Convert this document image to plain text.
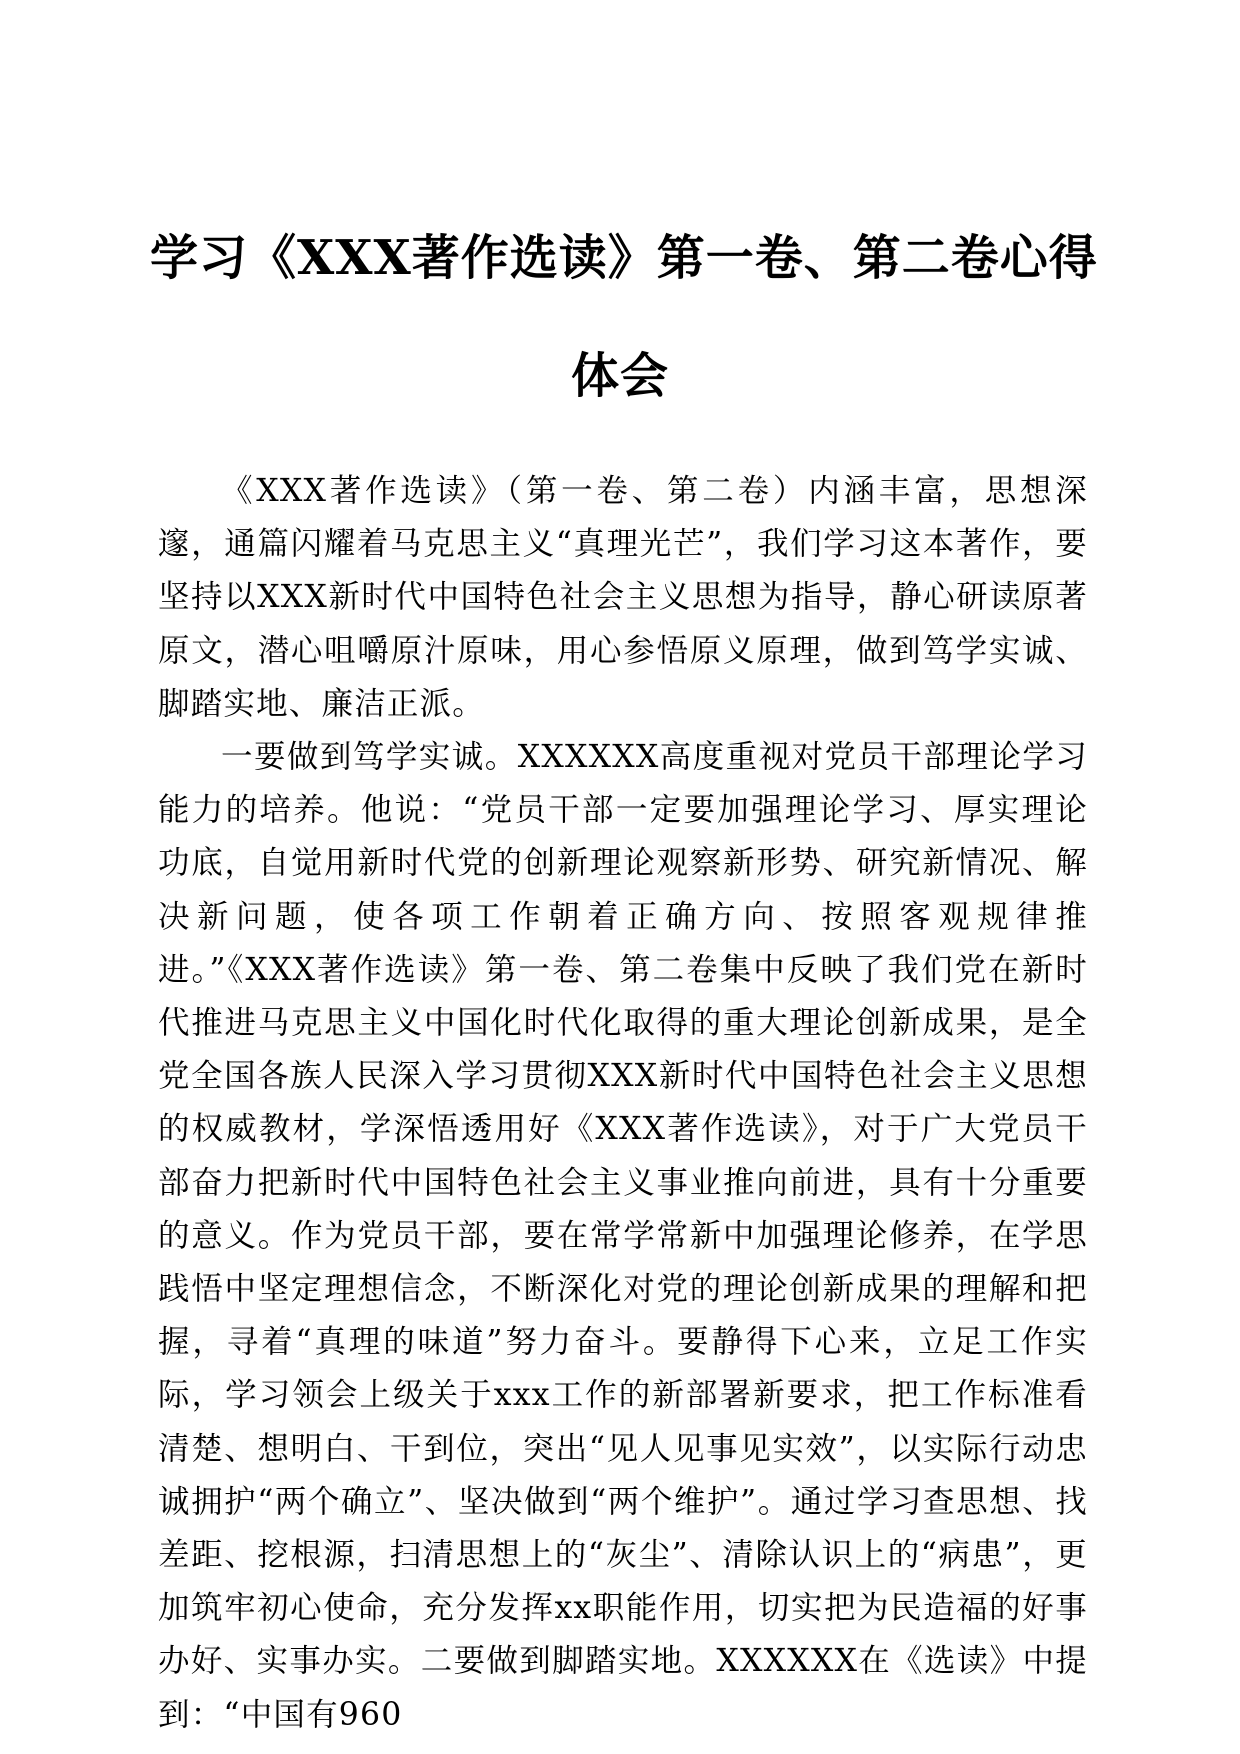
学习《XXX著作选读》第一卷、第二卷心得
体会

《XXX著作选读》（第一卷、第二卷）内涵丰富，思想深邃，通篇闪耀着马克思主义“真理光芒”，我们学习这本著作，要坚持以XXX新时代中国特色社会主义思想为指导，静心研读原著原文，潜心咀嚼原汁原味，用心参悟原义原理，做到笃学实诚、脚踏实地、廉洁正派。

一要做到笃学实诚。XXXXXX高度重视对党员干部理论学习能力的培养。他说：“党员干部一定要加强理论学习、厚实理论功底，自觉用新时代党的创新理论观察新形势、研究新情况、解决新问题，使各项工作朝着正确方向、按照客观规律推进。”《XXX著作选读》第一卷、第二卷集中反映了我们党在新时代推进马克思主义中国化时代化取得的重大理论创新成果，是全党全国各族人民深入学习贯彻XXX新时代中国特色社会主义思想的权威教材，学深悟透用好《XXX著作选读》，对于广大党员干部奋力把新时代中国特色社会主义事业推向前进，具有十分重要的意义。作为党员干部，要在常学常新中加强理论修养，在学思践悟中坚定理想信念，不断深化对党的理论创新成果的理解和把握，寻着“真理的味道”努力奋斗。要静得下心来，立足工作实际，学习领会上级关于xxx工作的新部署新要求，把工作标准看清楚、想明白、干到位，突出“见人见事见实效”，以实际行动忠诚拥护“两个确立”、坚决做到“两个维护”。通过学习查思想、找差距、挖根源，扫清思想上的“灰尘”、清除认识上的“病患”，更加筑牢初心使命，充分发挥xx职能作用，切实把为民造福的好事办好、实事办实。二要做到脚踏实地。XXXXXX在《选读》中提到：“中国有960
